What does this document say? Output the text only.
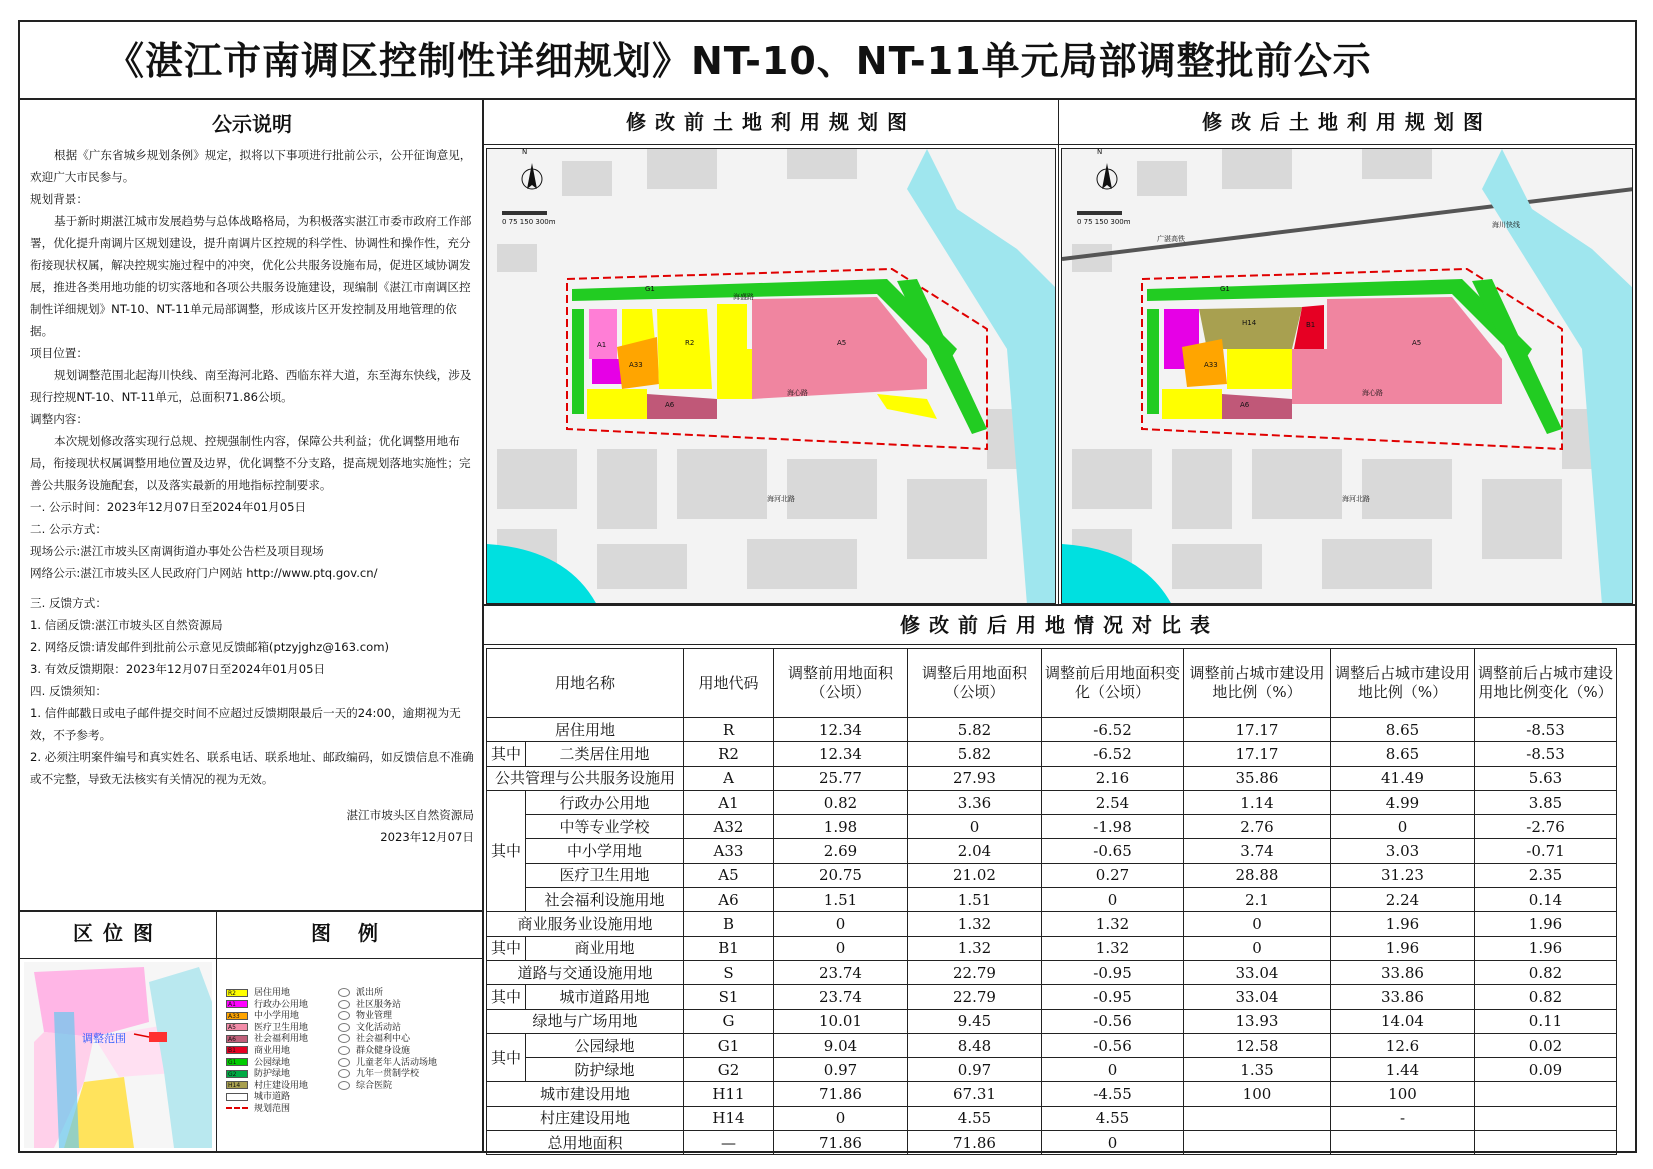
《湛江市南调区控制性详细规划》NT-10、NT-11单元局部调整批前公示
公示说明

根据《广东省城乡规划条例》规定，拟将以下事项进行批前公示，公开征询意见，欢迎广大市民参与。

规划背景：

基于新时期湛江城市发展趋势与总体战略格局，为积极落实湛江市委市政府工作部署，优化提升南调片区规划建设，提升南调片区控规的科学性、协调性和操作性，充分衔接现状权属，解决控规实施过程中的冲突，优化公共服务设施布局，促进区域协调发展，推进各类用地功能的切实落地和各项公共服务设施建设，现编制《湛江市南调区控制性详细规划》NT-10、NT-11单元局部调整，形成该片区开发控制及用地管理的依据。

项目位置：

规划调整范围北起海川快线、南至海河北路、西临东祥大道，东至海东快线，涉及现行控规NT-10、NT-11单元，总面积71.86公顷。

调整内容：

本次规划修改落实现行总规、控规强制性内容，保障公共利益；优化调整用地布局，衔接现状权属调整用地位置及边界，优化调整不分支路，提高规划落地实施性；完善公共服务设施配套，以及落实最新的用地指标控制要求。

一. 公示时间：2023年12月07日至2024年01月05日

二. 公示方式：

现场公示:湛江市坡头区南调街道办事处公告栏及项目现场

网络公示:湛江市坡头区人民政府门户网站 http://www.ptq.gov.cn/

三. 反馈方式：

1. 信函反馈:湛江市坡头区自然资源局

2. 网络反馈:请发邮件到批前公示意见反馈邮箱(ptzyjghz@163.com)

3. 有效反馈期限：2023年12月07日至2024年01月05日

四. 反馈须知：

1. 信件邮戳日或电子邮件提交时间不应超过反馈期限最后一天的24:00，逾期视为无效，不予参考。

2. 必须注明案件编号和真实姓名、联系电话、联系地址、邮政编码，如反馈信息不准确或不完整，导致无法核实有关情况的视为无效。

湛江市坡头区自然资源局

2023年12月07日

修改前土地利用规划图	修改后土地利用规划图
修改前后用地情况对比表
N
0 75 150 300m
G1
A5
A1
A33
A6
R2
海盛路
海心路
海河北路
N
0 75 150 300m
G1
A5
H14	B1
A33
A6
广湛高铁
海川快线
海心路
海河北路
用地名称		用地代码	调整前用地面积（公顷）	调整后用地面积（公顷）	调整前后用地面积变化（公顷）	调整前占城市建设用地比例（%）	调整后占城市建设用地比例（%）	调整前后占城市建设用地比例变化（%）
居住用地		R	12.34	5.82	-6.52	17.17	8.65	-8.53
其中	二类居住用地	R2	12.34	5.82	-6.52	17.17	8.65	-8.53
公共管理与公共服务设施用		A	25.77	27.93	2.16	35.86	41.49	5.63
其中	行政办公用地	A1	0.82	3.36	2.54	1.14	4.99	3.85
	中等专业学校	A32	1.98	0	-1.98	2.76	0	-2.76
	中小学用地	A33	2.69	2.04	-0.65	3.74	3.03	-0.71
	医疗卫生用地	A5	20.75	21.02	0.27	28.88	31.23	2.35
	社会福利设施用地	A6	1.51	1.51	0	2.1	2.24	0.14
商业服务业设施用地		B	0	1.32	1.32	0	1.96	1.96
其中	商业用地	B1	0	1.32	1.32	0	1.96	1.96
道路与交通设施用地		S	23.74	22.79	-0.95	33.04	33.86	0.82
其中	城市道路用地	S1	23.74	22.79	-0.95	33.04	33.86	0.82
绿地与广场用地		G	10.01	9.45	-0.56	13.93	14.04	0.11
其中	公园绿地	G1	9.04	8.48	-0.56	12.58	12.6	0.02
	防护绿地	G2	0.97	0.97	0	1.35	1.44	0.09
城市建设用地		H11	71.86	67.31	-4.55	100	100	
村庄建设用地		H14	0	4.55	4.55		-	
总用地面积		—	71.86	71.86	0			
区位图	图 例
调整范围
R2 居住用地
A1 行政办公用地
A33 中小学用地
A5 医疗卫生用地
A6 社会福利用地
B1 商业用地
G1 公园绿地
G2 防护绿地
H14 村庄建设用地
城市道路
规划范围
派出所
社区服务站
物业管理
文化活动站
社会福利中心
群众健身设施
儿童老年人活动场地
九年一贯制学校
综合医院
